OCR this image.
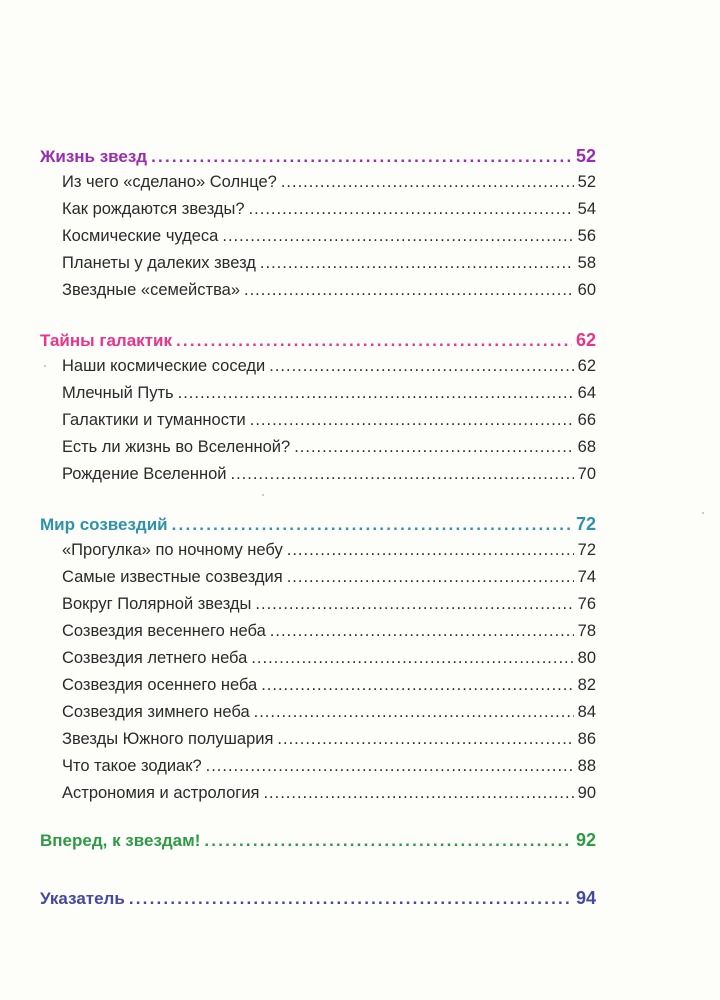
Жизнь звезд .....	52
Из чего «сделано» Солнце? .....	52
Как рождаются звезды? .....	54
Космические чудеса .....	56
Планеты у далеких звезд .....	58
Звездные «семейства» .....	60
Тайны галактик .....	62
Наши космические соседи .....	62
Млечный Путь .....	64
Галактики и туманности .....	66
Есть ли жизнь во Вселенной? .....	68
Рождение Вселенной .....	70
Мир созвездий .....	72
«Прогулка» по ночному небу .....	72
Самые известные созвездия .....	74
Вокруг Полярной звезды .....	76
Созвездия весеннего неба .....	78
Созвездия летнего неба .....	80
Созвездия осеннего неба .....	82
Созвездия зимнего неба .....	84
Звезды Южного полушария .....	86
Что такое зодиак? .....	88
Астрономия и астрология .....	90
Вперед, к звездам! .....	92
Указатель .....	94
